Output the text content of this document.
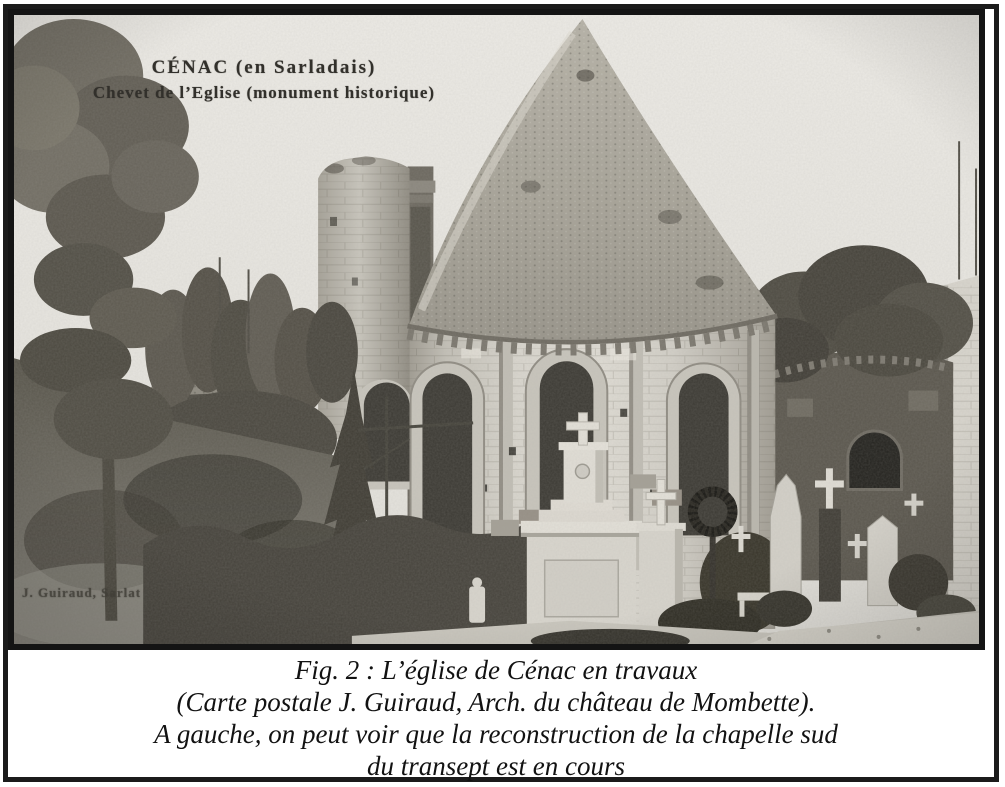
CÉNAC (en Sarladais)
Chevet de l’Eglise (monument historique)
J. Guiraud, Sarlat
Fig. 2 : L’église de Cénac en travaux
(Carte postale J. Guiraud, Arch. du château de Mombette).
A gauche, on peut voir que la reconstruction de la chapelle sud
du transept est en cours
